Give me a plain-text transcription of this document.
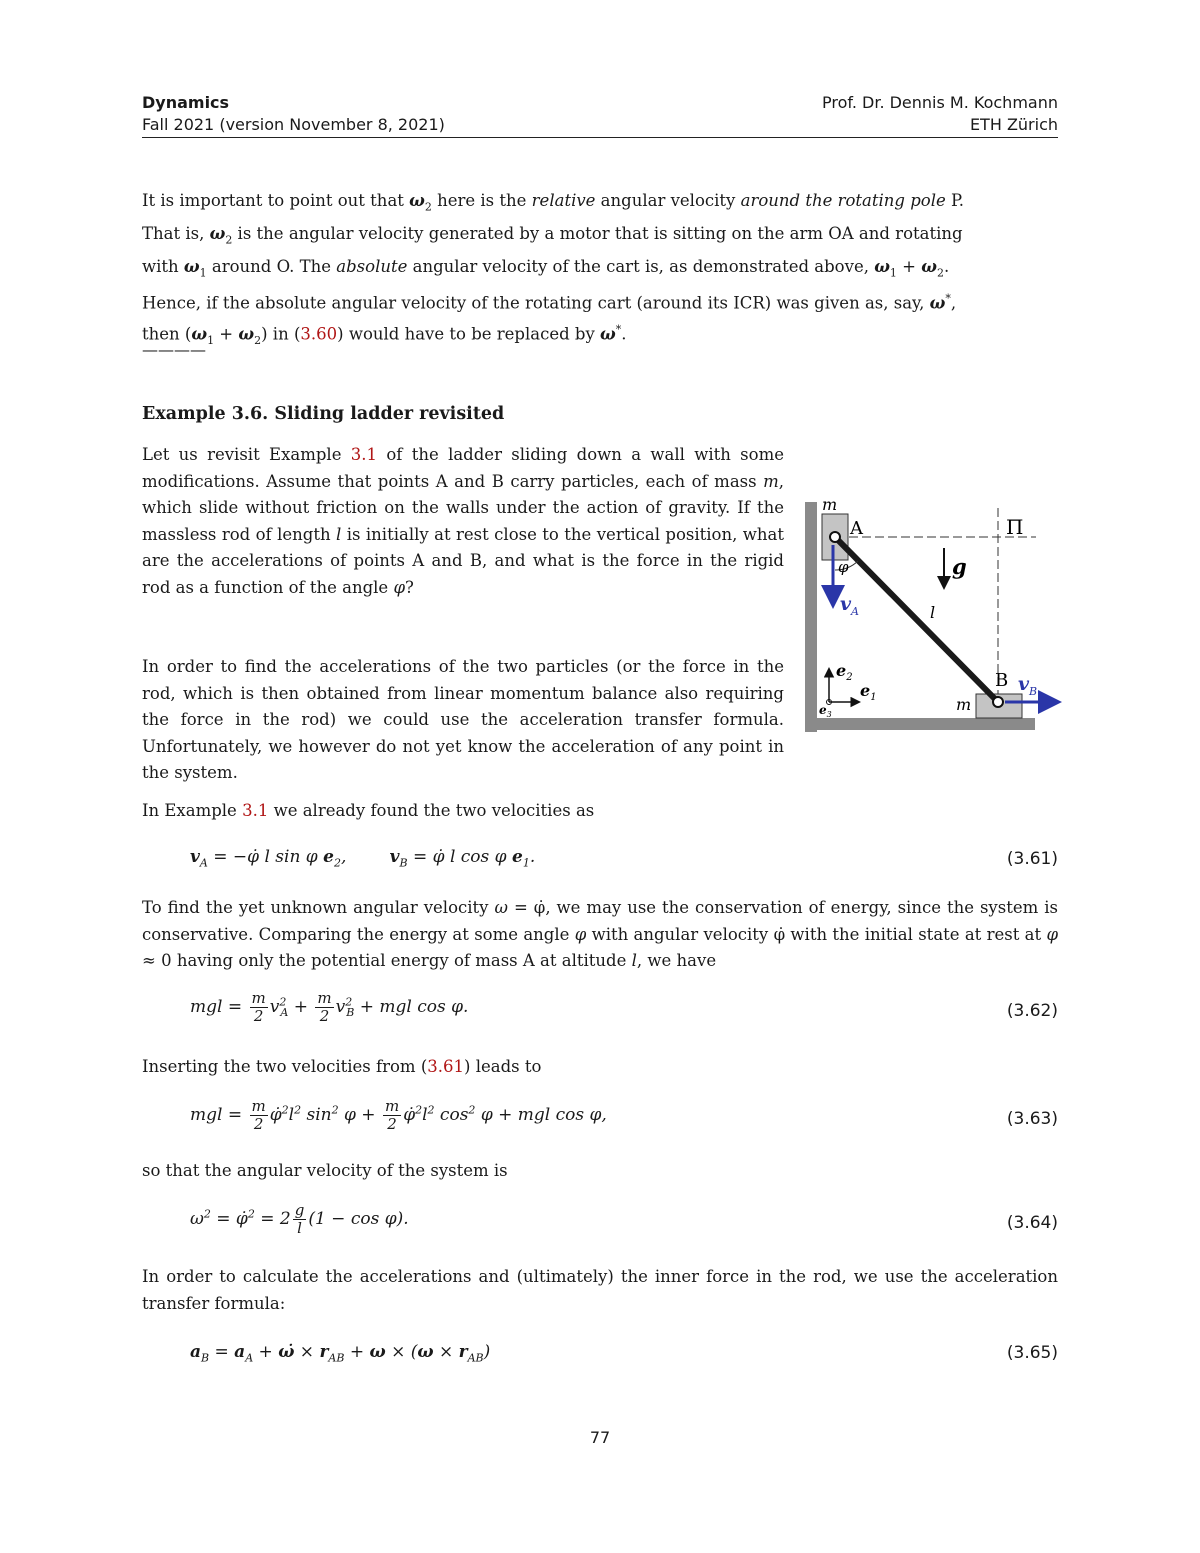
Dynamics
Fall 2021 (version November 8, 2021)
Prof. Dr. Dennis M. Kochmann
ETH Zürich

It is important to point out that $\omega_2$ here is the relative angular velocity around the rotating pole P.
That is, $\omega_2$ is the angular velocity generated by a motor that is sitting on the arm OA and rotating
with $\omega_1$ around O. The absolute angular velocity of the cart is, as demonstrated above, $\omega_1 + \omega_2$.
Hence, if the absolute angular velocity of the rotating cart (around its ICR) was given as, say, ω*,
then $(\omega_1 + \omega_2)$ in (3.60) would have to be replaced by ω*.

————
Example 3.6. Sliding ladder revisited

Let us revisit Example 3.1 of the ladder sliding down a wall with some modifications. Assume that points A and B carry particles, each of mass m, which slide without friction on the walls under the action of gravity. If the massless rod of length l is initially at rest close to the vertical position, what are the accelerations of points A and B, and what is the force in the rigid rod as a function of the angle φ?

In order to find the accelerations of the two particles (or the force in the rod, which is then obtained from linear momentum balance also requiring the force in the rod) we could use the acceleration transfer formula. Unfortunately, we however do not yet know the acceleration of any point in the system.

In Example 3.1 we already found the two velocities as

$v_A$ = −φ̇ l sin φ $e_2$,        $v_B$ = φ̇ l cos φ $e_1$.	(3.61)

To find the yet unknown angular velocity ω = φ̇, we may use the conservation of energy, since the system is conservative. Comparing the energy at some angle φ with angular velocity φ̇ with the initial state at rest at φ ≈ 0 having only the potential energy of mass A at altitude l, we have

mgl = $\frac{m}{2} v^2_A + \frac{m}{2} v^2_B$ + mgl cos φ.	(3.62)

Inserting the two velocities from (3.61) leads to

mgl = $\frac{m}{2}$ $\varphi̇^2l^2$ $\sin^2 \varphi + \frac{m}{2}$ $\varphi̇^2l^2$ $\cos^2 \varphi$ + mgl cos φ,	(3.63)

so that the angular velocity of the system is

$\omega^2$ = φ̇$^2$ = $2 \frac{g}{l} (1 - \cos \varphi)$.	(3.64)

In order to calculate the accelerations and (ultimately) the inner force in the rod, we use the acceleration transfer formula:

$a_B = a_A$ + ω̇ × $r_{AB} + \omega \times (\omega \times r_{AB})$	(3.65)
φ
$v_A$
$v_B$
g
m
A	Π
l
B
m
$e_2$
$e_1$
$e_3$
77
